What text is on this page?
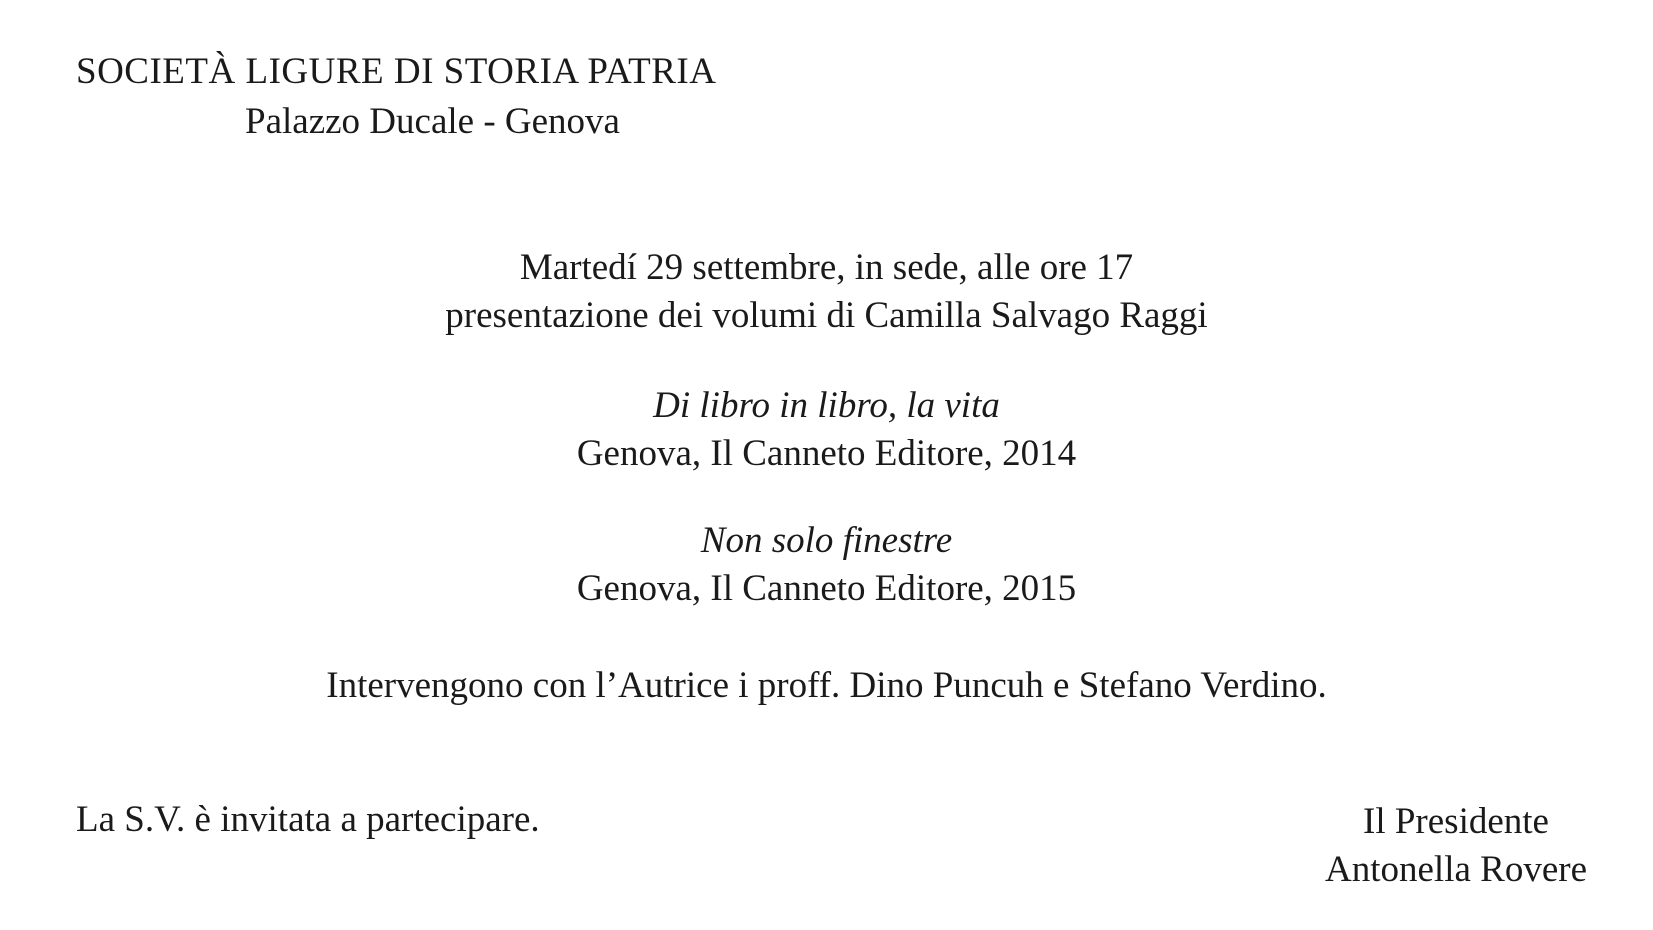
SOCIETÀ LIGURE DI STORIA PATRIA
Palazzo Ducale - Genova
Martedí 29 settembre, in sede, alle ore 17
presentazione dei volumi di Camilla Salvago Raggi
Di libro in libro, la vita
Genova, Il Canneto Editore, 2014
Non solo finestre
Genova, Il Canneto Editore, 2015
Intervengono con l’Autrice i proff. Dino Puncuh e Stefano Verdino.
La S.V. è invitata a partecipare.	Il Presidente
Antonella Rovere
